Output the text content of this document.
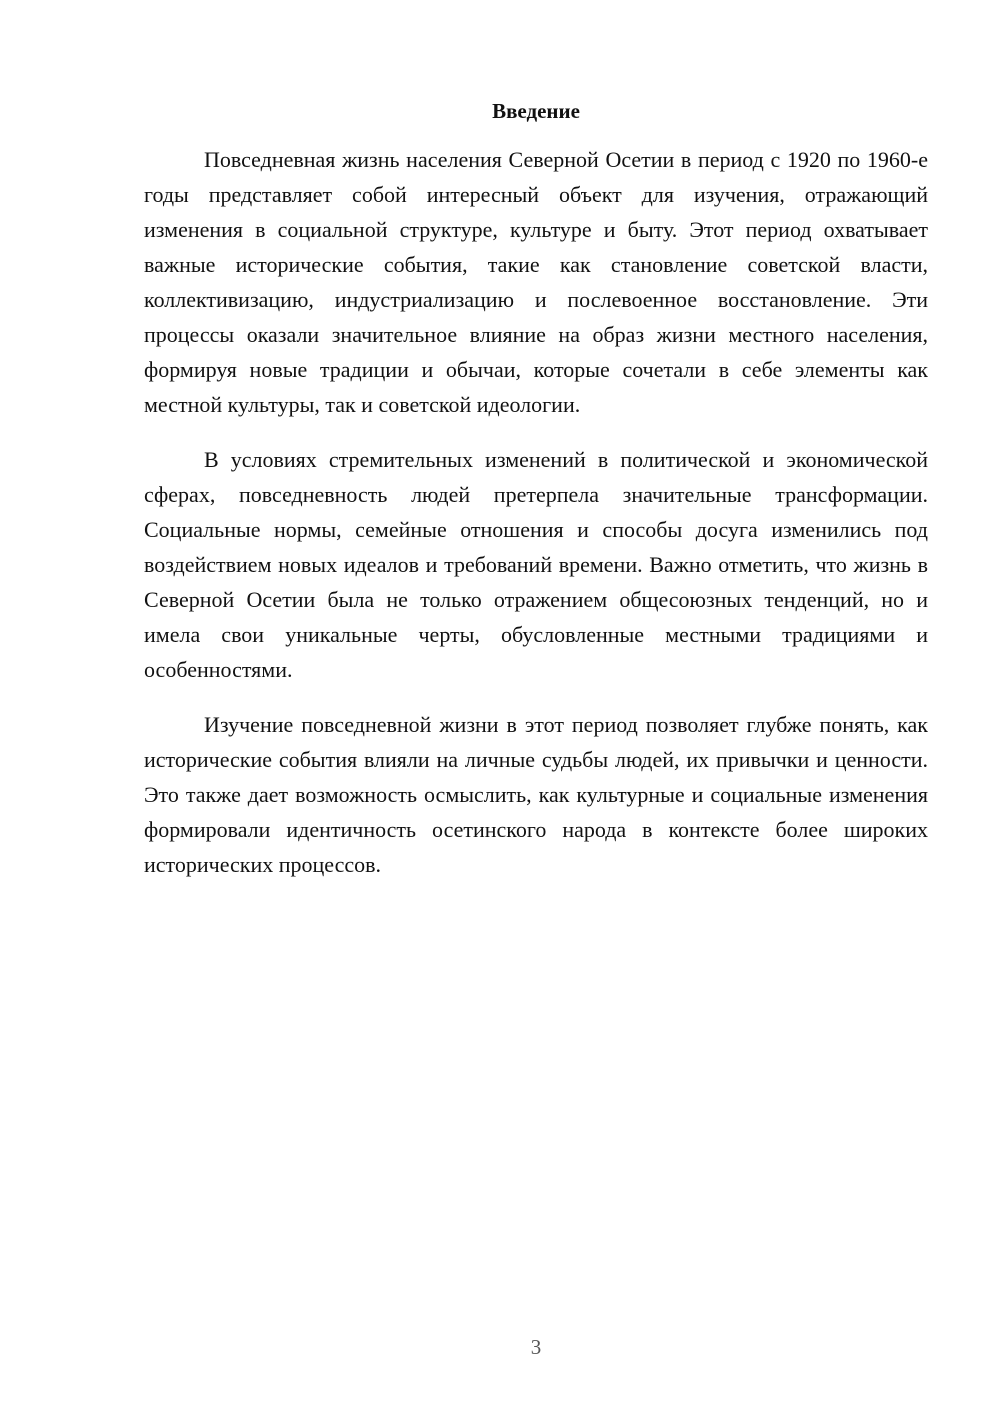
Введение

Повседневная жизнь населения Северной Осетии в период с 1920 по 1960-е годы представляет собой интересный объект для изучения, отражающий изменения в социальной структуре, культуре и быту. Этот период охватывает важные исторические события, такие как становление советской власти, коллективизацию, индустриализацию и послевоенное восстановление. Эти процессы оказали значительное влияние на образ жизни местного населения, формируя новые традиции и обычаи, которые сочетали в себе элементы как местной культуры, так и советской идеологии.

В условиях стремительных изменений в политической и экономической сферах, повседневность людей претерпела значительные трансформации. Социальные нормы, семейные отношения и способы досуга изменились под воздействием новых идеалов и требований времени. Важно отметить, что жизнь в Северной Осетии была не только отражением общесоюзных тенденций, но и имела свои уникальные черты, обусловленные местными традициями и особенностями.

Изучение повседневной жизни в этот период позволяет глубже понять, как исторические события влияли на личные судьбы людей, их привычки и ценности. Это также дает возможность осмыслить, как культурные и социальные изменения формировали идентичность осетинского народа в контексте более широких исторических процессов.

3
